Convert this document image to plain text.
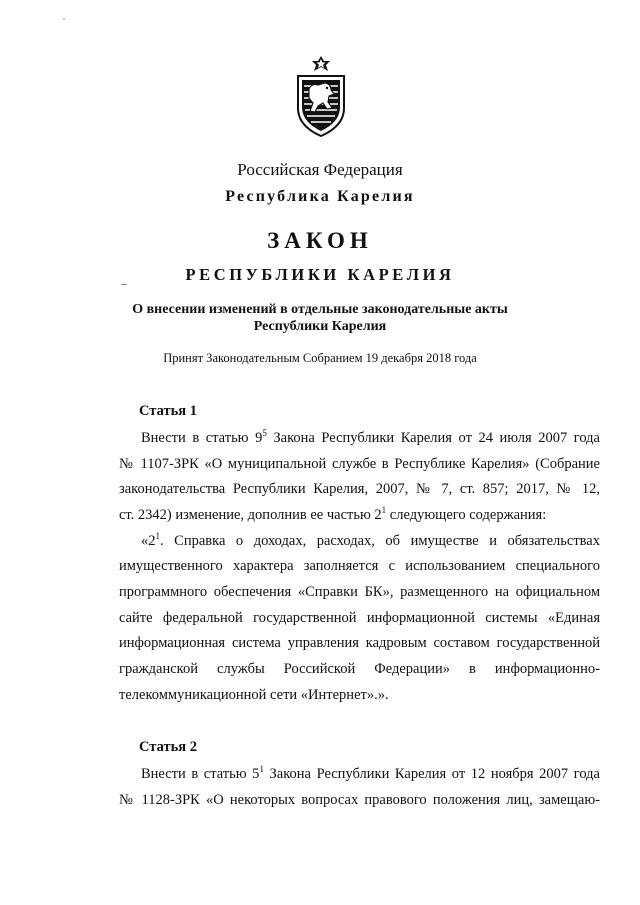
Российская Федерация
Республика Карелия
ЗАКОН
РЕСПУБЛИКИ КАРЕЛИЯ
О внесении изменений в отдельные законодательные акты
Республики Карелия
Принят Законодательным Собранием 19 декабря 2018 года
Статья 1
Внести в статью $9^5$ Закона Республики Карелия от 24 июля 2007 года
№ 1107-ЗРК «О муниципальной службе в Республике Карелия» (Собрание
законодательства Республики Карелия, 2007, № 7, ст. 857; 2017, № 12,
ст. 2342) изменение, дополнив ее частью $2^1$ следующего содержания:
«$2^1$. Справка о доходах, расходах, об имуществе и обязательствах
имущественного характера заполняется с использованием специального
программного обеспечения «Справки БК», размещенного на официальном
сайте федеральной государственной информационной системы «Единая
информационная система управления кадровым составом государственной
гражданской службы Российской Федерации» в информационно-
телекоммуникационной сети «Интернет».».
Статья 2
Внести в статью $5^1$ Закона Республики Карелия от 12 ноября 2007 года
№ 1128-ЗРК «О некоторых вопросах правового положения лиц, замещаю-
